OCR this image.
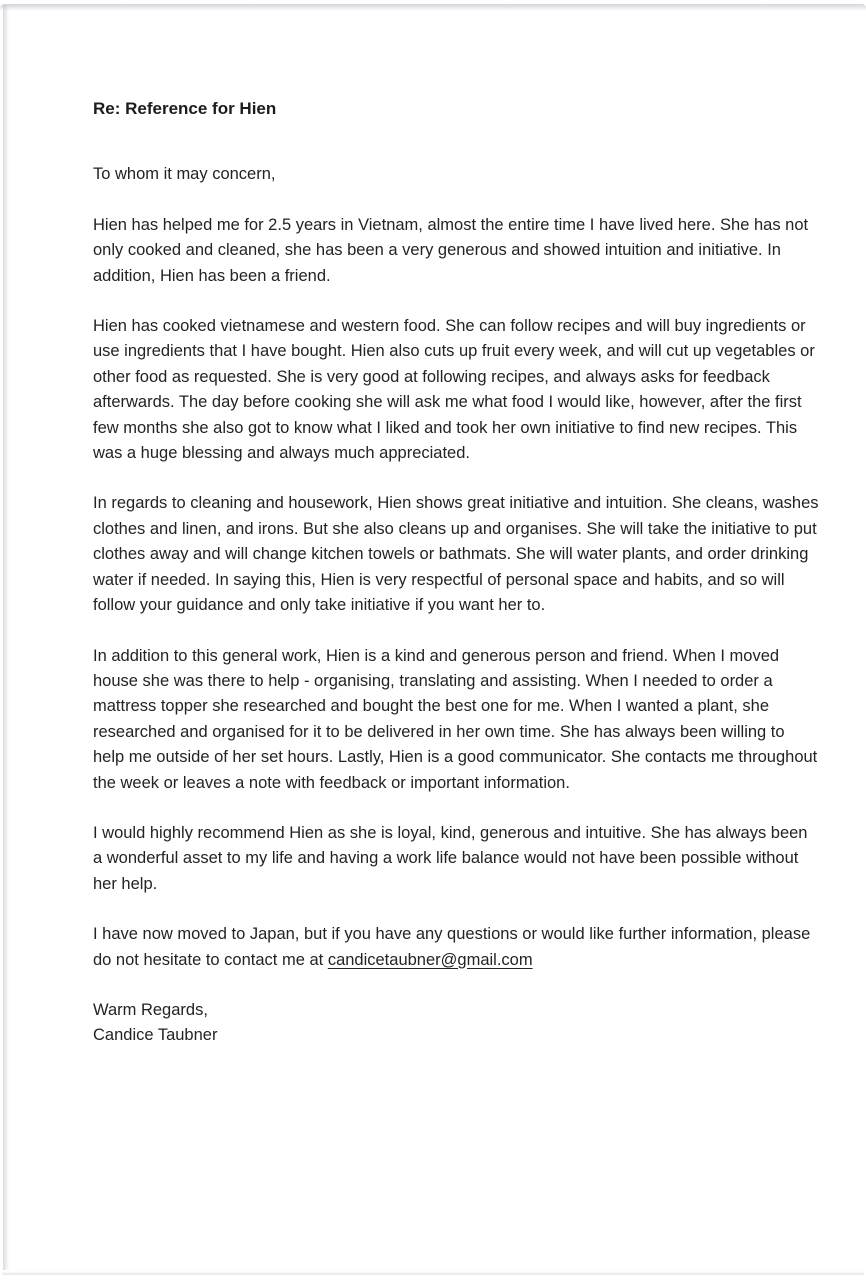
Re: Reference for Hien
To whom it may concern,

Hien has helped me for 2.5 years in Vietnam, almost the entire time I have lived here. She has not only cooked and cleaned, she has been a very generous and showed intuition and initiative. In addition, Hien has been a friend.

Hien has cooked vietnamese and western food. She can follow recipes and will buy ingredients or use ingredients that I have bought. Hien also cuts up fruit every week, and will cut up vegetables or other food as requested. She is very good at following recipes, and always asks for feedback afterwards. The day before cooking she will ask me what food I would like, however, after the first few months she also got to know what I liked and took her own initiative to find new recipes. This was a huge blessing and always much appreciated.

In regards to cleaning and housework, Hien shows great initiative and intuition. She cleans, washes clothes and linen, and irons. But she also cleans up and organises. She will take the initiative to put clothes away and will change kitchen towels or bathmats. She will water plants, and order drinking water if needed. In saying this, Hien is very respectful of personal space and habits, and so will follow your guidance and only take initiative if you want her to.

In addition to this general work, Hien is a kind and generous person and friend. When I moved house she was there to help - organising, translating and assisting. When I needed to order a mattress topper she researched and bought the best one for me. When I wanted a plant, she researched and organised for it to be delivered in her own time. She has always been willing to help me outside of her set hours. Lastly, Hien is a good communicator. She contacts me throughout the week or leaves a note with feedback or important information.

I would highly recommend Hien as she is loyal, kind, generous and intuitive. She has always been a wonderful asset to my life and having a work life balance would not have been possible without her help.

I have now moved to Japan, but if you have any questions or would like further information, please do not hesitate to contact me at candicetaubner@gmail.com
Warm Regards,
Candice Taubner
